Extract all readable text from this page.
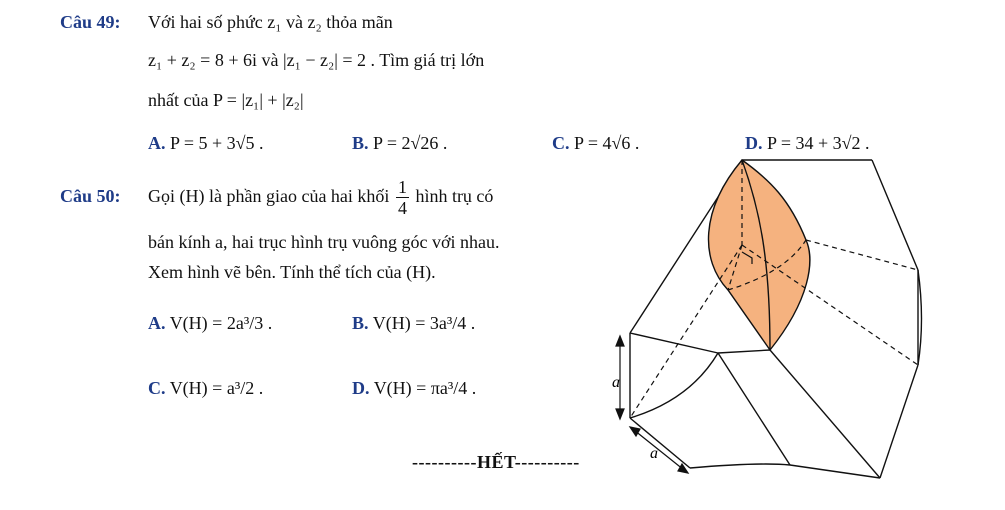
Câu 49: Với hai số phức z₁ và z₂ thỏa mãn
z₁ + z₂ = 8 + 6i và |z₁ − z₂| = 2 . Tìm giá trị lớn
nhất của P = |z₁| + |z₂|
A. P = 5 + 3√5 .	B. P = 2√26 .	C. P = 4√6 .	D. P = 34 + 3√2 .
Câu 50: Gọi (H) là phần giao của hai khối $\frac{1}{4}$ hình trụ có
bán kính a, hai trục hình trụ vuông góc với nhau.
Xem hình vẽ bên. Tính thể tích của (H).
A. V(H) = 2a³/3 .	B. V(H) = 3a³/4 .
C. V(H) = a³/2 .	D. V(H) = πa³/4 .	a
a
----------HẾT----------
